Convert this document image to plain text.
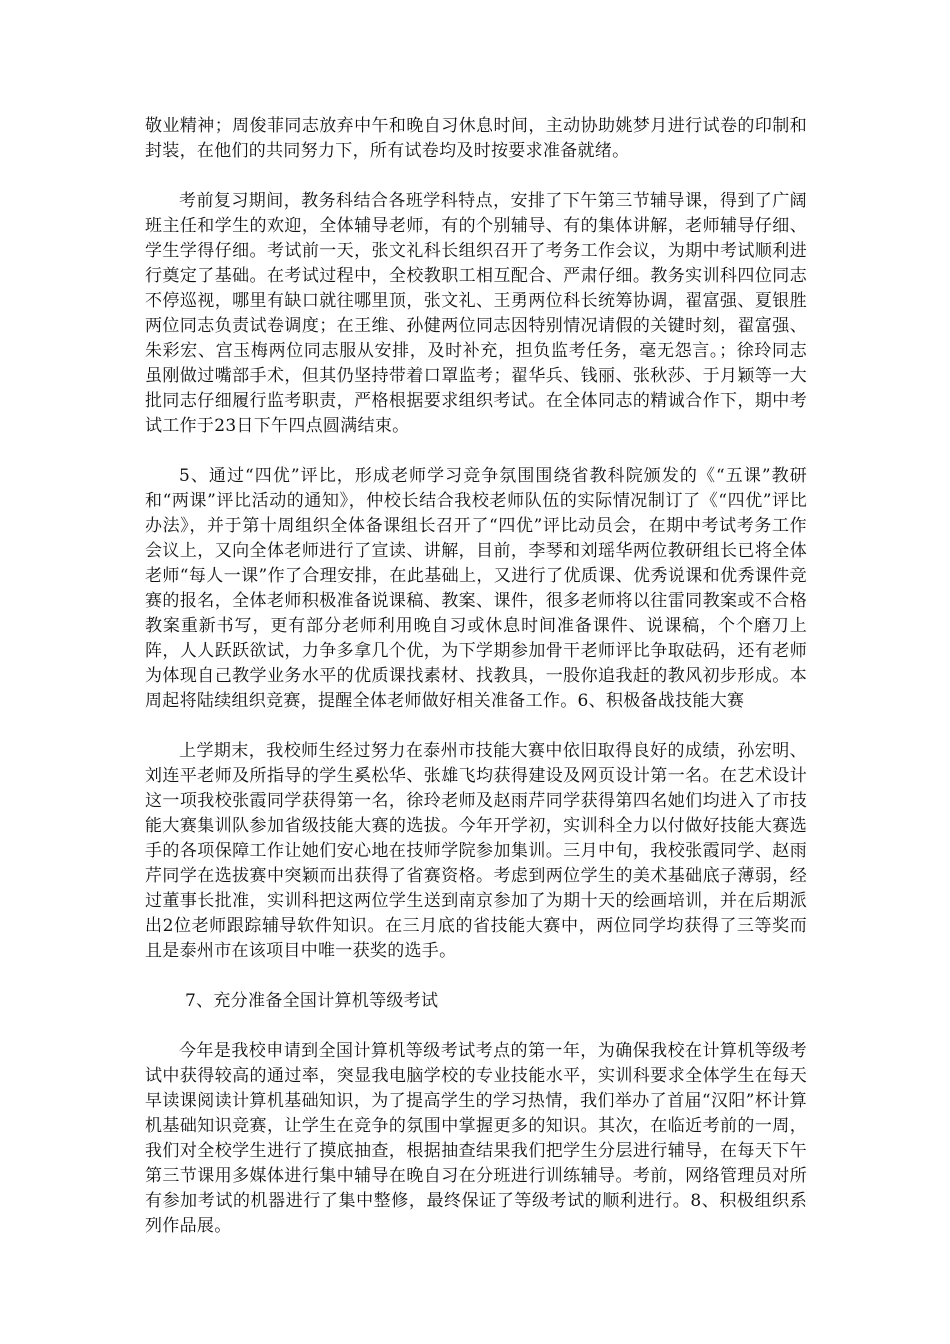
敬业精神；周俊菲同志放弃中午和晚自习休息时间，主动协助姚梦月进行试卷的印制和封装，在他们的共同努力下，所有试卷均及时按要求准备就绪。

考前复习期间，教务科结合各班学科特点，安排了下午第三节辅导课，得到了广阔班主任和学生的欢迎，全体辅导老师，有的个别辅导、有的集体讲解，老师辅导仔细、学生学得仔细。考试前一天，张文礼科长组织召开了考务工作会议，为期中考试顺利进行奠定了基础。在考试过程中，全校教职工相互配合、严肃仔细。教务实训科四位同志不停巡视，哪里有缺口就往哪里顶，张文礼、王勇两位科长统筹协调，翟富强、夏银胜两位同志负责试卷调度；在王维、孙健两位同志因特别情况请假的关键时刻，翟富强、朱彩宏、宫玉梅两位同志服从安排，及时补充，担负监考任务，毫无怨言。；徐玲同志虽刚做过嘴部手术，但其仍坚持带着口罩监考；翟华兵、钱丽、张秋莎、于月颖等一大批同志仔细履行监考职责，严格根据要求组织考试。在全体同志的精诚合作下，期中考试工作于23日下午四点圆满结束。

5、通过“四优”评比，形成老师学习竞争氛围围绕省教科院颁发的《“五课”教研和“两课”评比活动的通知》，仲校长结合我校老师队伍的实际情况制订了《“四优”评比办法》，并于第十周组织全体备课组长召开了“四优”评比动员会，在期中考试考务工作会议上，又向全体老师进行了宣读、讲解，目前，李琴和刘瑶华两位教研组长已将全体老师“每人一课”作了合理安排，在此基础上，又进行了优质课、优秀说课和优秀课件竞赛的报名，全体老师积极准备说课稿、教案、课件，很多老师将以往雷同教案或不合格教案重新书写，更有部分老师利用晚自习或休息时间准备课件、说课稿，个个磨刀上阵，人人跃跃欲试，力争多拿几个优，为下学期参加骨干老师评比争取砝码，还有老师为体现自己教学业务水平的优质课找素材、找教具，一股你追我赶的教风初步形成。本周起将陆续组织竞赛，提醒全体老师做好相关准备工作。6、积极备战技能大赛

上学期末，我校师生经过努力在泰州市技能大赛中依旧取得良好的成绩，孙宏明、刘连平老师及所指导的学生奚松华、张雄飞均获得建设及网页设计第一名。在艺术设计这一项我校张霞同学获得第一名，徐玲老师及赵雨芹同学获得第四名她们均进入了市技能大赛集训队参加省级技能大赛的选拔。今年开学初，实训科全力以付做好技能大赛选手的各项保障工作让她们安心地在技师学院参加集训。三月中旬，我校张霞同学、赵雨芹同学在选拔赛中突颖而出获得了省赛资格。考虑到两位学生的美术基础底子薄弱，经过董事长批准，实训科把这两位学生送到南京参加了为期十天的绘画培训，并在后期派出2位老师跟踪辅导软件知识。在三月底的省技能大赛中，两位同学均获得了三等奖而且是泰州市在该项目中唯一获奖的选手。

7、充分准备全国计算机等级考试

今年是我校申请到全国计算机等级考试考点的第一年，为确保我校在计算机等级考试中获得较高的通过率，突显我电脑学校的专业技能水平，实训科要求全体学生在每天早读课阅读计算机基础知识，为了提高学生的学习热情，我们举办了首届“汉阳”杯计算机基础知识竞赛，让学生在竞争的氛围中掌握更多的知识。其次，在临近考前的一周，我们对全校学生进行了摸底抽查，根据抽查结果我们把学生分层进行辅导，在每天下午第三节课用多媒体进行集中辅导在晚自习在分班进行训练辅导。考前，网络管理员对所有参加考试的机器进行了集中整修，最终保证了等级考试的顺利进行。8、积极组织系列作品展。
